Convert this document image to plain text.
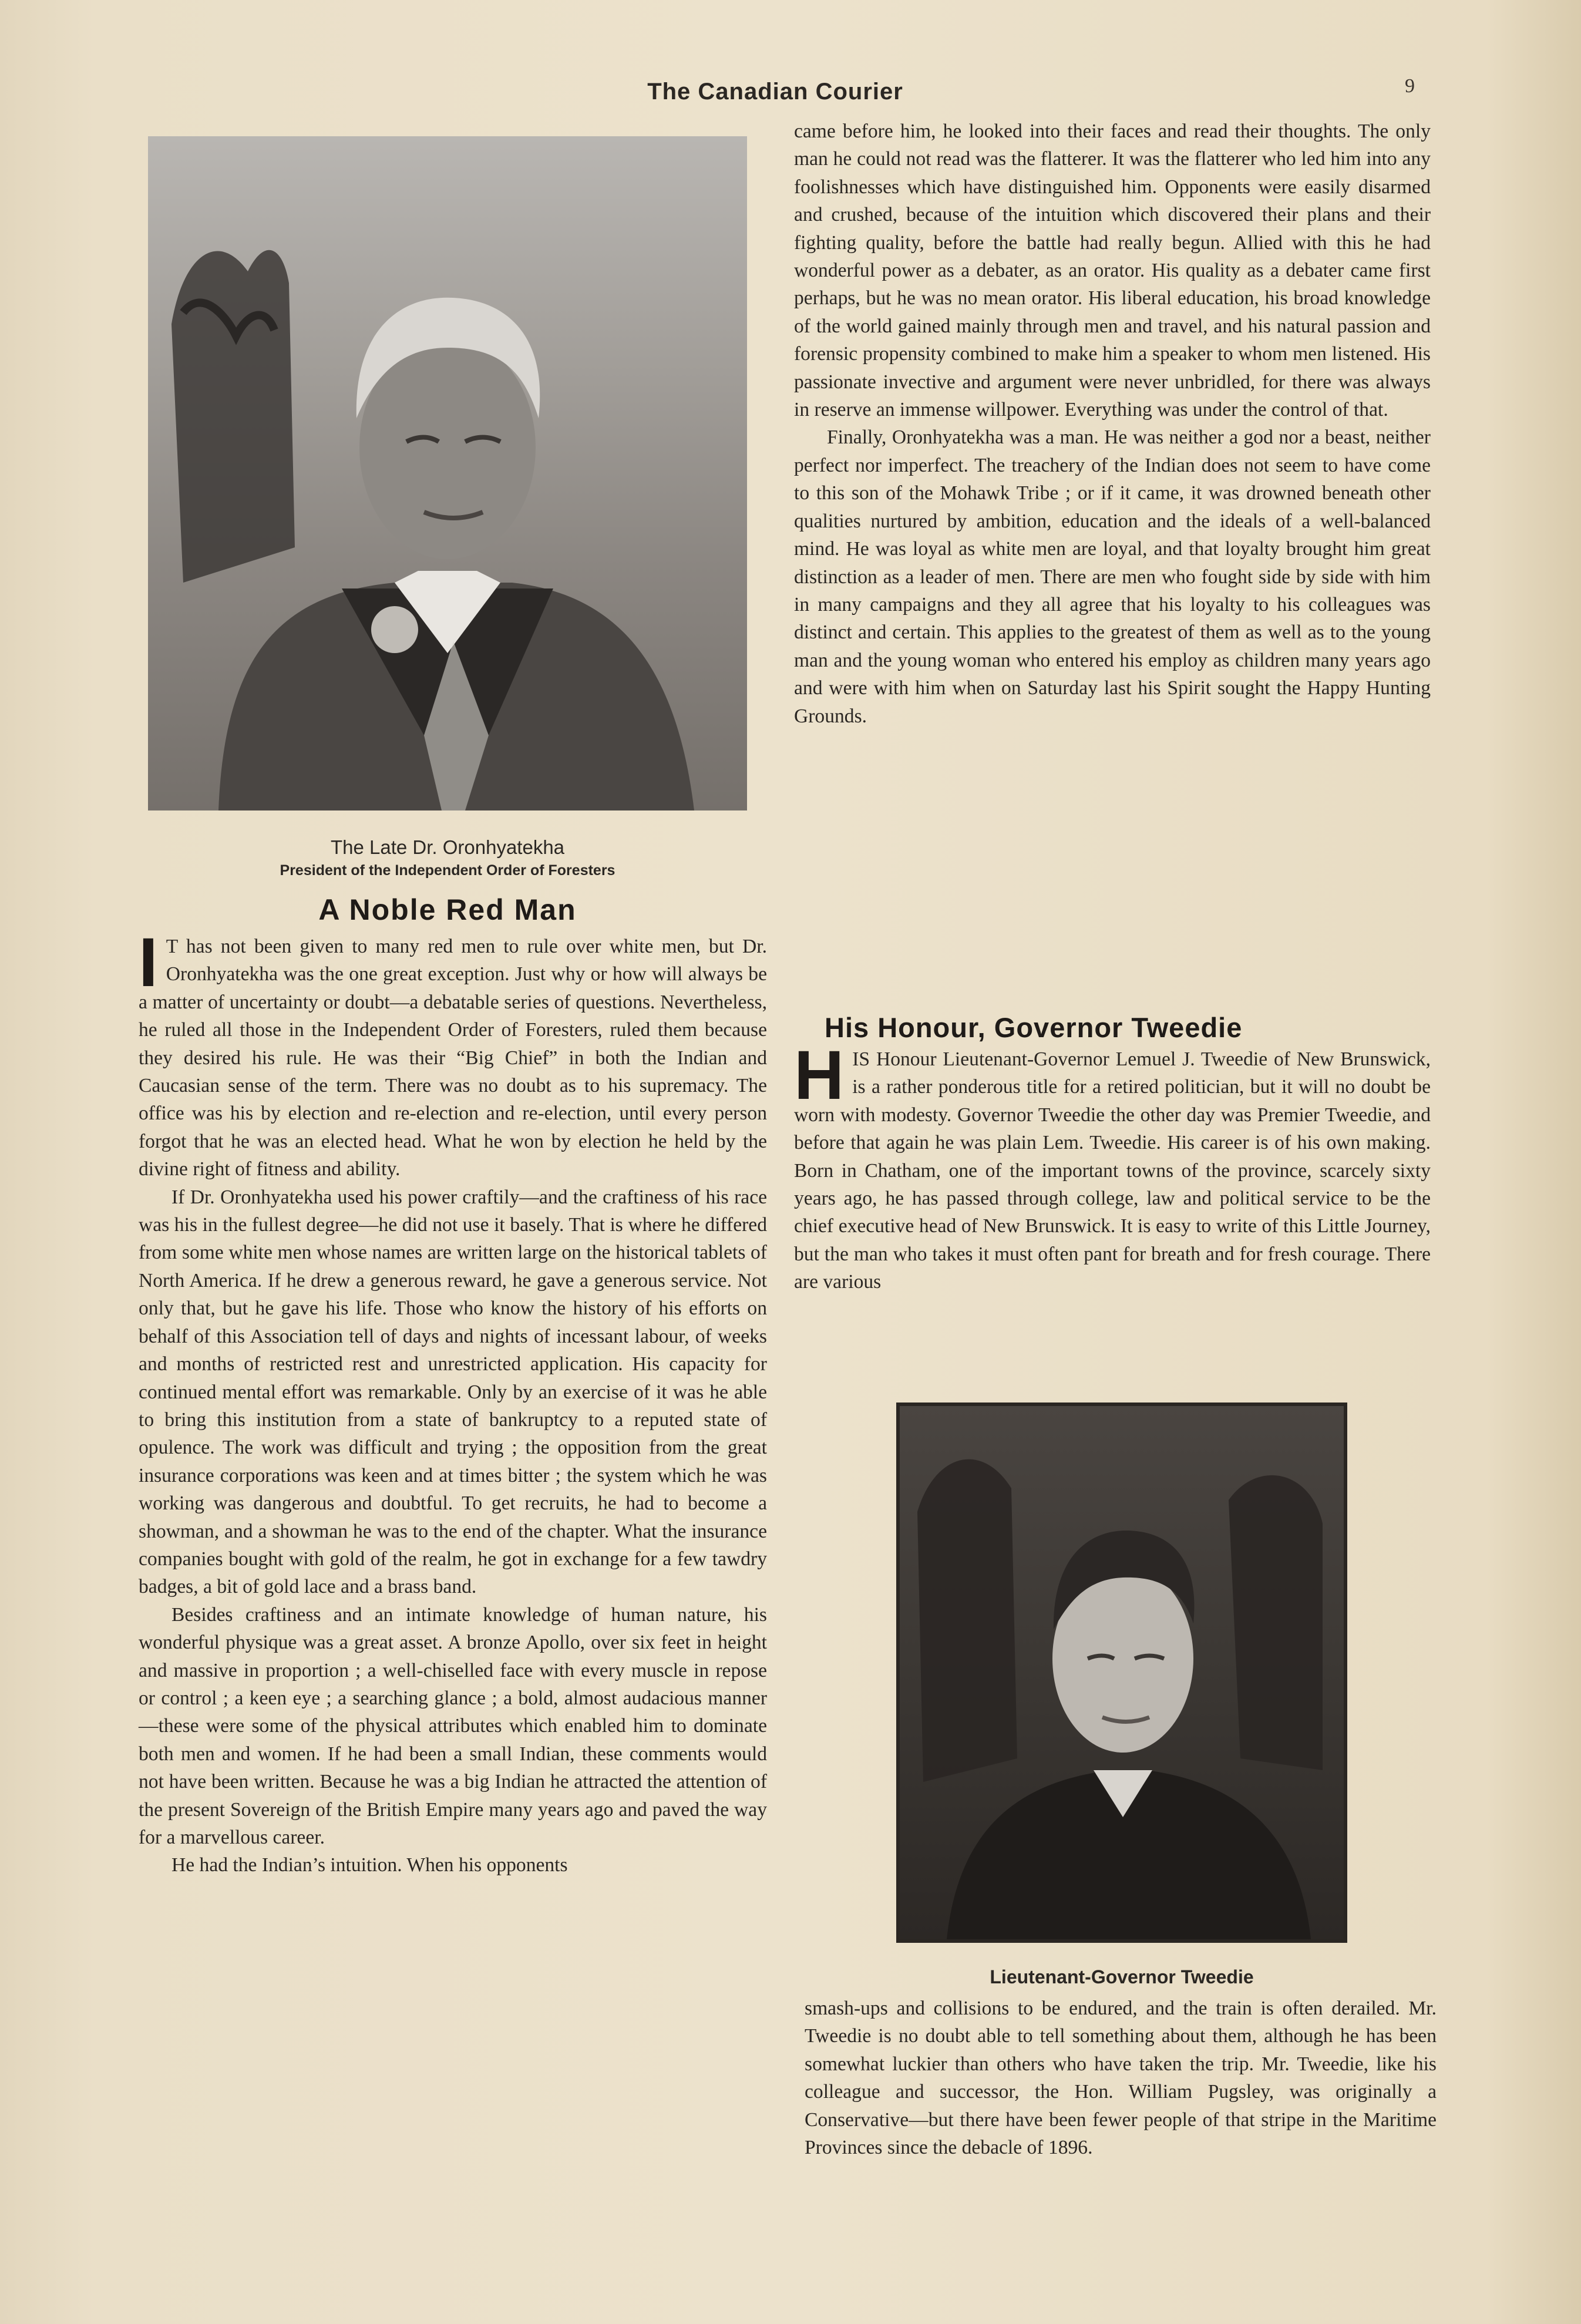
The Canadian Courier	9
The Late Dr. Oronhyatekha
President of the Independent Order of Foresters
A Noble Red Man

I T has not been given to many red men to rule over white men, but Dr. Oronhyatekha was the one great exception. Just why or how will always be a matter of uncertainty or doubt—a debatable series of questions. Nevertheless, he ruled all those in the Independent Order of Foresters, ruled them because they desired his rule. He was their “Big Chief” in both the Indian and Caucasian sense of the term. There was no doubt as to his supremacy. The office was his by election and re-election and re-election, until every person forgot that he was an elected head. What he won by election he held by the divine right of fitness and ability.

If Dr. Oronhyatekha used his power craftily—and the craftiness of his race was his in the fullest degree—he did not use it basely. That is where he differed from some white men whose names are written large on the historical tablets of North America. If he drew a generous reward, he gave a generous service. Not only that, but he gave his life. Those who know the history of his efforts on behalf of this Association tell of days and nights of incessant labour, of weeks and months of restricted rest and unrestricted application. His capacity for continued mental effort was remarkable. Only by an exercise of it was he able to bring this institution from a state of bankruptcy to a reputed state of opulence. The work was difficult and trying ; the opposition from the great insurance corporations was keen and at times bitter ; the system which he was working was dangerous and doubtful. To get recruits, he had to become a showman, and a showman he was to the end of the chapter. What the insurance companies bought with gold of the realm, he got in exchange for a few tawdry badges, a bit of gold lace and a brass band.

Besides craftiness and an intimate knowledge of human nature, his wonderful physique was a great asset. A bronze Apollo, over six feet in height and massive in proportion ; a well-chiselled face with every muscle in repose or control ; a keen eye ; a searching glance ; a bold, almost audacious manner—these were some of the physical attributes which enabled him to dominate both men and women. If he had been a small Indian, these comments would not have been written. Because he was a big Indian he attracted the attention of the present Sovereign of the British Empire many years ago and paved the way for a marvellous career.

He had the Indian’s intuition. When his opponents

came before him, he looked into their faces and read their thoughts. The only man he could not read was the flatterer. It was the flatterer who led him into any foolishnesses which have distinguished him. Opponents were easily disarmed and crushed, because of the intuition which discovered their plans and their fighting quality, before the battle had really begun. Allied with this he had wonderful power as a debater, as an orator. His quality as a debater came first perhaps, but he was no mean orator. His liberal education, his broad knowledge of the world gained mainly through men and travel, and his natural passion and forensic propensity combined to make him a speaker to whom men listened. His passionate invective and argument were never unbridled, for there was always in reserve an immense willpower. Everything was under the control of that.

Finally, Oronhyatekha was a man. He was neither a god nor a beast, neither perfect nor imperfect. The treachery of the Indian does not seem to have come to this son of the Mohawk Tribe ; or if it came, it was drowned beneath other qualities nurtured by ambition, education and the ideals of a well-balanced mind. He was loyal as white men are loyal, and that loyalty brought him great distinction as a leader of men. There are men who fought side by side with him in many campaigns and they all agree that his loyalty to his colleagues was distinct and certain. This applies to the greatest of them as well as to the young man and the young woman who entered his employ as children many years ago and were with him when on Saturday last his Spirit sought the Happy Hunting Grounds.

His Honour, Governor Tweedie

HIS Honour Lieutenant-Governor Lemuel J. Tweedie of New Brunswick, is a rather ponderous title for a retired politician, but it will no doubt be worn with modesty. Governor Tweedie the other day was Premier Tweedie, and before that again he was plain Lem. Tweedie. His career is of his own making. Born in Chatham, one of the important towns of the province, scarcely sixty years ago, he has passed through college, law and political service to be the chief executive head of New Brunswick. It is easy to write of this Little Journey, but the man who takes it must often pant for breath and for fresh courage. There are various

Lieutenant-Governor Tweedie

smash-ups and collisions to be endured, and the train is often derailed. Mr. Tweedie is no doubt able to tell something about them, although he has been somewhat luckier than others who have taken the trip. Mr. Tweedie, like his colleague and successor, the Hon. William Pugsley, was originally a Conservative—but there have been fewer people of that stripe in the Maritime Provinces since the debacle of 1896.
